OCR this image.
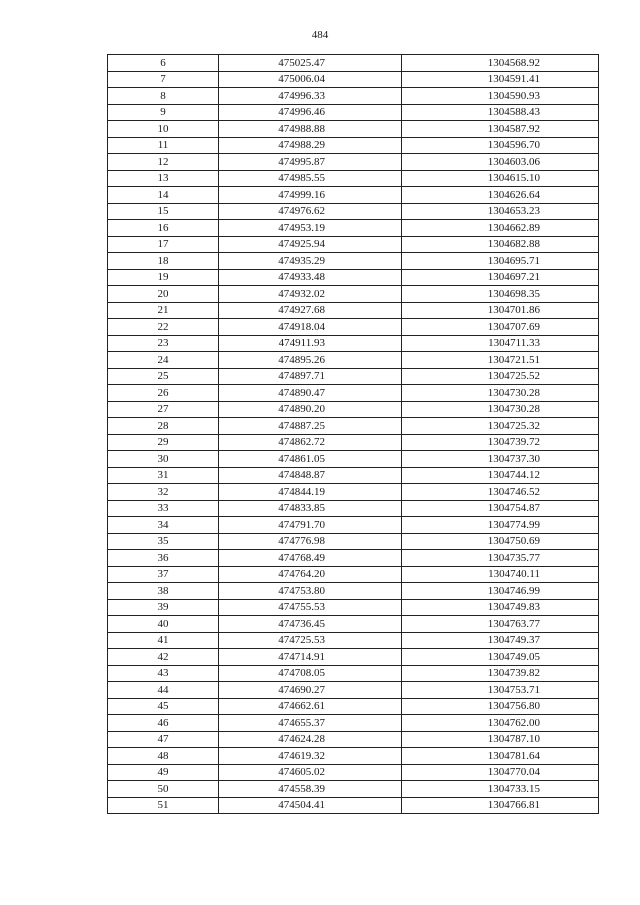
484
6	475025.47	1304568.92
7	475006.04	1304591.41
8	474996.33	1304590.93
9	474996.46	1304588.43
10	474988.88	1304587.92
11	474988.29	1304596.70
12	474995.87	1304603.06
13	474985.55	1304615.10
14	474999.16	1304626.64
15	474976.62	1304653.23
16	474953.19	1304662.89
17	474925.94	1304682.88
18	474935.29	1304695.71
19	474933.48	1304697.21
20	474932.02	1304698.35
21	474927.68	1304701.86
22	474918.04	1304707.69
23	474911.93	1304711.33
24	474895.26	1304721.51
25	474897.71	1304725.52
26	474890.47	1304730.28
27	474890.20	1304730.28
28	474887.25	1304725.32
29	474862.72	1304739.72
30	474861.05	1304737.30
31	474848.87	1304744.12
32	474844.19	1304746.52
33	474833.85	1304754.87
34	474791.70	1304774.99
35	474776.98	1304750.69
36	474768.49	1304735.77
37	474764.20	1304740.11
38	474753.80	1304746.99
39	474755.53	1304749.83
40	474736.45	1304763.77
41	474725.53	1304749.37
42	474714.91	1304749.05
43	474708.05	1304739.82
44	474690.27	1304753.71
45	474662.61	1304756.80
46	474655.37	1304762.00
47	474624.28	1304787.10
48	474619.32	1304781.64
49	474605.02	1304770.04
50	474558.39	1304733.15
51	474504.41	1304766.81
